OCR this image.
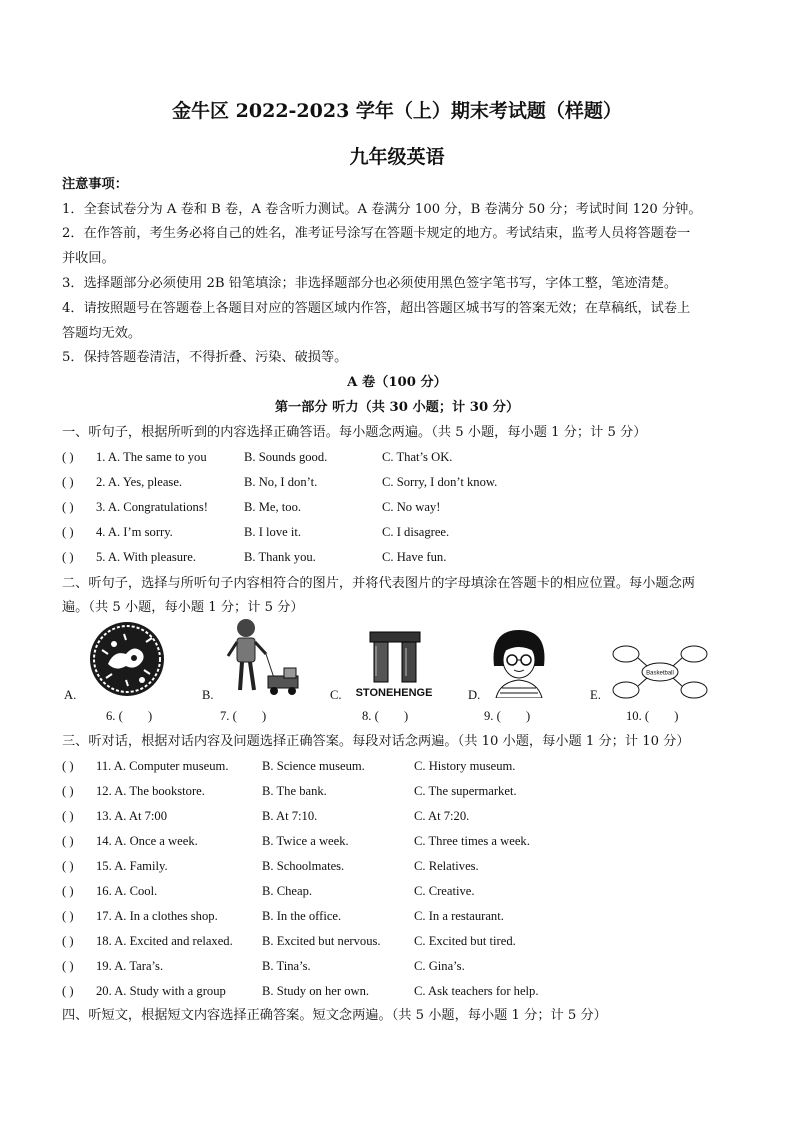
金牛区 2022-2023 学年（上）期末考试题（样题）
九年级英语
注意事项：
1．全套试卷分为 A 卷和 B 卷，A 卷含听力测试。A 卷满分 100 分，B 卷满分 50 分；考试时间 120 分钟。
2．在作答前，考生务必将自己的姓名，准考证号涂写在答题卡规定的地方。考试结束，监考人员将答题卷一
并收回。
3．选择题部分必须使用 2B 铅笔填涂；非选择题部分也必须使用黑色签字笔书写，字体工整，笔迹清楚。
4．请按照题号在答题卷上各题目对应的答题区域内作答，超出答题区城书写的答案无效；在草稿纸，试卷上
答题均无效。
5．保持答题卷清洁，不得折叠、污染、破损等。
A 卷（100 分）
第一部分 听力（共 30 小题；计 30 分）
一、听句子，根据所听到的内容选择正确答语。每小题念两遍。（共 5 小题，每小题 1 分；计 5 分）
( ) 1. A. The same to you	B. Sounds good.	C. That’s OK.
( ) 2. A. Yes, please.	B. No, I don’t.	C. Sorry, I don’t know.
( ) 3. A. Congratulations!	B. Me, too.	C. No way!
( ) 4. A. I’m sorry.	B. I love it.	C. I disagree.
( ) 5. A. With pleasure.	B. Thank you.	C. Have fun.
二、听句子，选择与所听句子内容相符合的图片，并将代表图片的字母填涂在答题卡的相应位置。每小题念两
遍。（共 5 小题，每小题 1 分；计 5 分）
A.
6. (        )
B.
7. (        )
C. STONEHENGE
8. (        )
D.
9. (        )
E.
Basketball
10. (        )
三、听对话，根据对话内容及问题选择正确答案。每段对话念两遍。（共 10 小题，每小题 1 分；计 10 分）
( ) 11. A. Computer museum.	B. Science museum.	C. History museum.
( ) 12. A. The bookstore.	B. The bank.	C. The supermarket.
( ) 13. A. At 7:00	B. At 7:10.	C. At 7:20.
( ) 14. A. Once a week.	B. Twice a week.	C. Three times a week.
( ) 15. A. Family.	B. Schoolmates.	C. Relatives.
( ) 16. A. Cool.	B. Cheap.	C. Creative.
( ) 17. A. In a clothes shop.	B. In the office.	C. In a restaurant.
( ) 18. A. Excited and relaxed. B. Excited but nervous.	C. Excited but tired.
( ) 19. A. Tara’s.	B. Tina’s.	C. Gina’s.
( ) 20. A. Study with a group	B. Study on her own.	C. Ask teachers for help.
四、听短文，根据短文内容选择正确答案。短文念两遍。（共 5 小题，每小题 1 分；计 5 分）
